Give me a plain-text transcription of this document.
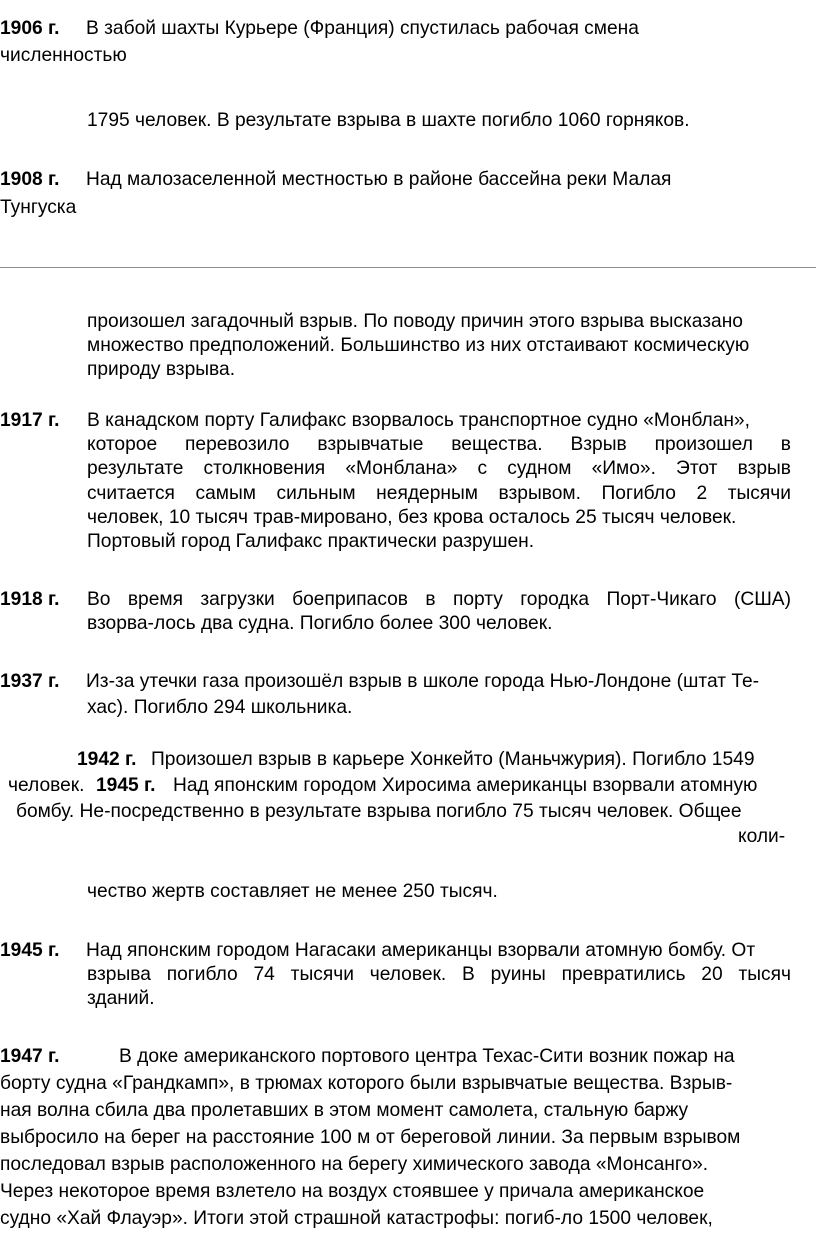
1906 г. В забой шахты Курьере (Франция) спустилась рабочая смена
численностью
1795 человек. В результате взрыва в шахте погибло 1060 горняков.
1908 г. Над малозаселенной местностью в районе бассейна реки Малая
Тунгуска
произошел загадочный взрыв. По поводу причин этого взрыва высказано
множество предположений. Большинство из них отстаивают космическую
природу взрыва.
1917 г. В канадском порту Галифакс взорвалось транспортное судно «Монблан»,
которое перевозило взрывчатые вещества. Взрыв произошел в
результате столкновения «Монблана» с судном «Имо». Этот взрыв
считается самым сильным неядерным взрывом. Погибло 2 тысячи
человек, 10 тысяч трав-мировано, без крова осталось 25 тысяч человек.
Портовый город Галифакс практически разрушен.
1918 г. Во время загрузки боеприпасов в порту городка Порт-Чикаго (США)
взорва-лось два судна. Погибло более 300 человек.
1937 г. Из-за утечки газа произошёл взрыв в школе города Нью-Лондоне (штат Те-
хас). Погибло 294 школьника.
1942 г. Произошел взрыв в карьере Хонкейто (Маньчжурия). Погибло 1549
человек. 1945 г. Над японским городом Хиросима американцы взорвали атомную
бомбу. Не-посредственно в результате взрыва погибло 75 тысяч человек. Общее
коли-
чество жертв составляет не менее 250 тысяч.
1945 г. Над японским городом Нагасаки американцы взорвали атомную бомбу. От
взрыва погибло 74 тысячи человек. В руины превратились 20 тысяч
зданий.
1947 г.	В доке американского портового центра Техас-Сити возник пожар на
борту судна «Грандкамп», в трюмах которого были взрывчатые вещества. Взрыв-
ная волна сбила два пролетавших в этом момент самолета, стальную баржу
выбросило на берег на расстояние 100 м от береговой линии. За первым взрывом
последовал взрыв расположенного на берегу химического завода «Монсанго».
Через некоторое время взлетело на воздух стоявшее у причала американское
судно «Хай Флауэр». Итоги этой страшной катастрофы: погиб-ло 1500 человек,
